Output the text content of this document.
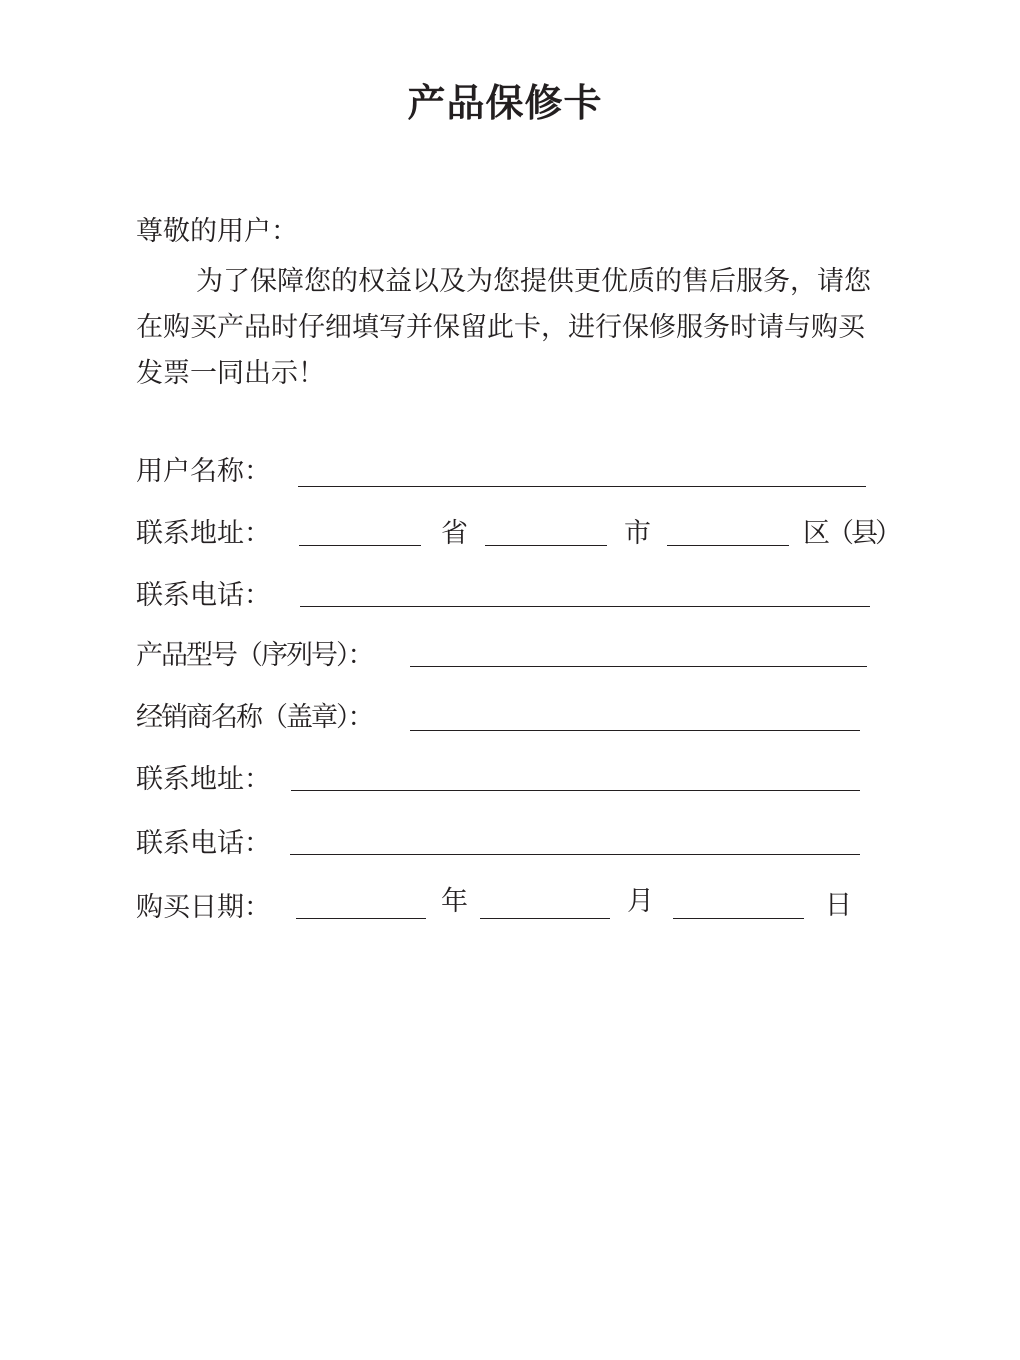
产品保修卡
尊敬的用户：
为了保障您的权益以及为您提供更优质的售后服务，请您在购买产品时仔细填写并保留此卡，进行保修服务时请与购买发票一同出示！
用户名称：
联系地址：	省	市	区（县）
联系电话：
产品型号（序列号）：
经销商名称（盖章）：
联系地址：
联系电话：
购买日期：	年	月	日
